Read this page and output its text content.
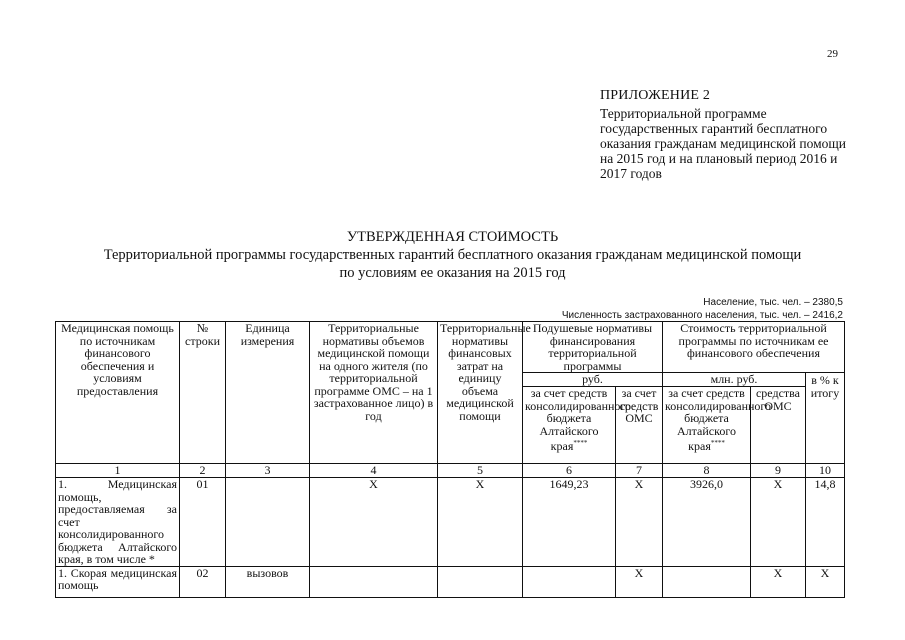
29
ПРИЛОЖЕНИЕ 2
Территориальной программе государственных гарантий бесплатного оказания гражданам медицинской помощи на 2015 год и на плановый период 2016 и 2017 годов
УТВЕРЖДЕННАЯ СТОИМОСТЬ
Территориальной программы государственных гарантий бесплатного оказания гражданам медицинской помощи
по условиям ее оказания на 2015 год
Население, тыс. чел. – 2380,5
Численность застрахованного населения, тыс. чел. – 2416,2
Медицинская помощь по источникам финансового обеспечения и условиям предоставления	№ строки	Единица измерения	Территориальные нормативы объемов медицинской помощи на одного жителя (по территориальной программе ОМС – на 1 застрахованное лицо) в год	Территориальные нормативы финансовых затрат на единицу объема медицинской помощи	Подушевые нормативы финансирования территориальной программы		Стоимость территориальной программы по источникам ее финансового обеспечения		
					руб.		млн. руб.		в % к итогу
					за счет средств консолидированного бюджета Алтайского края****	за счет средств ОМС	за счет средств консолидированного бюджета Алтайского края****	средства ОМС	
1	2	3	4	5	6	7	8	9	10
1. Медицинская помощь, предоставляемая за счет консолидированного бюджета Алтайского края, в том числе *	01		Х	Х	1649,23	Х	3926,0	Х	14,8
1. Скорая медицинская помощь	02	вызовов				Х		Х	Х
